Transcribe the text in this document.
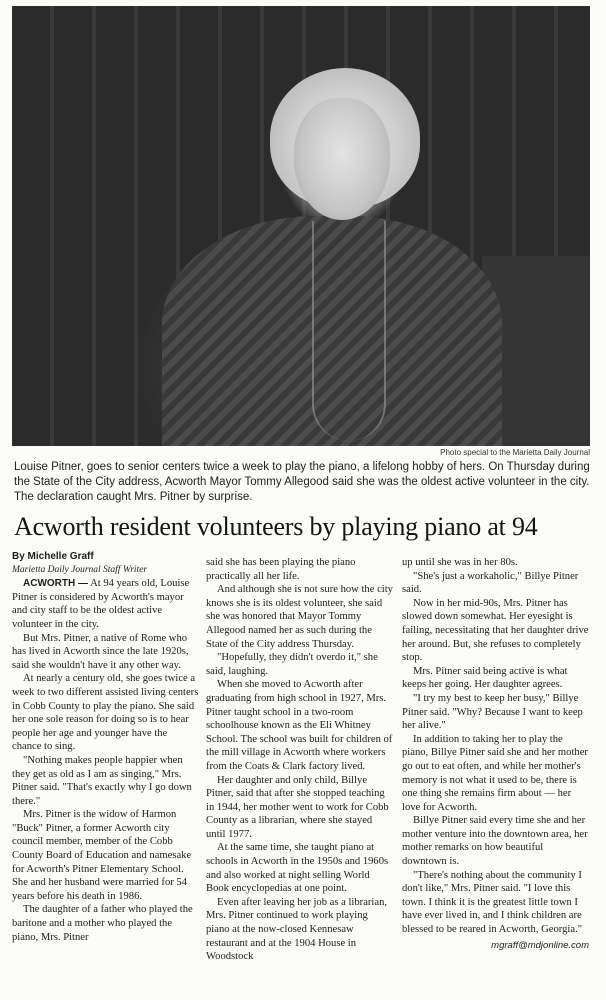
Photo special to the Marietta Daily Journal
Louise Pitner, goes to senior centers twice a week to play the piano, a lifelong hobby of hers. On Thursday during the State of the City address, Acworth Mayor Tommy Allegood said she was the oldest active volunteer in the city. The declaration caught Mrs. Pitner by surprise.
Acworth resident volunteers by playing piano at 94

By Michelle Graff

Marietta Daily Journal Staff Writer

ACWORTH — At 94 years old, Louise Pitner is considered by Acworth's mayor and city staff to be the oldest active volunteer in the city.

But Mrs. Pitner, a native of Rome who has lived in Acworth since the late 1920s, said she wouldn't have it any other way.

At nearly a century old, she goes twice a week to two different assisted living centers in Cobb County to play the piano. She said her one sole reason for doing so is to hear people her age and younger have the chance to sing.

"Nothing makes people happier when they get as old as I am as singing," Mrs. Pitner said. "That's exactly why I go down there."

Mrs. Pitner is the widow of Harmon "Buck" Pitner, a former Acworth city council member, member of the Cobb County Board of Education and namesake for Acworth's Pitner Elementary School. She and her husband were married for 54 years before his death in 1986.

The daughter of a father who played the baritone and a mother who played the piano, Mrs. Pitner

said she has been playing the piano practically all her life.

And although she is not sure how the city knows she is its oldest volunteer, she said she was honored that Mayor Tommy Allegood named her as such during the State of the City address Thursday.

"Hopefully, they didn't overdo it," she said, laughing.

When she moved to Acworth after graduating from high school in 1927, Mrs. Pitner taught school in a two-room schoolhouse known as the Eli Whitney School. The school was built for children of the mill village in Acworth where workers from the Coats & Clark factory lived.

Her daughter and only child, Billye Pitner, said that after she stopped teaching in 1944, her mother went to work for Cobb County as a librarian, where she stayed until 1977.

At the same time, she taught piano at schools in Acworth in the 1950s and 1960s and also worked at night selling World Book encyclopedias at one point.

Even after leaving her job as a librarian, Mrs. Pitner continued to work playing piano at the now-closed Kennesaw restaurant and at the 1904 House in Woodstock

up until she was in her 80s.

"She's just a workaholic," Billye Pitner said.

Now in her mid-90s, Mrs. Pitner has slowed down somewhat. Her eyesight is failing, necessitating that her daughter drive her around. But, she refuses to completely stop.

Mrs. Pitner said being active is what keeps her going. Her daughter agrees.

"I try my best to keep her busy," Billye Pitner said. "Why? Because I want to keep her alive."

In addition to taking her to play the piano, Billye Pitner said she and her mother go out to eat often, and while her mother's memory is not what it used to be, there is one thing she remains firm about — her love for Acworth.

Billye Pitner said every time she and her mother venture into the downtown area, her mother remarks on how beautiful downtown is.

"There's nothing about the community I don't like," Mrs. Pitner said. "I love this town. I think it is the greatest little town I have ever lived in, and I think children are blessed to be reared in Acworth, Georgia."

mgraff@mdjonline.com
